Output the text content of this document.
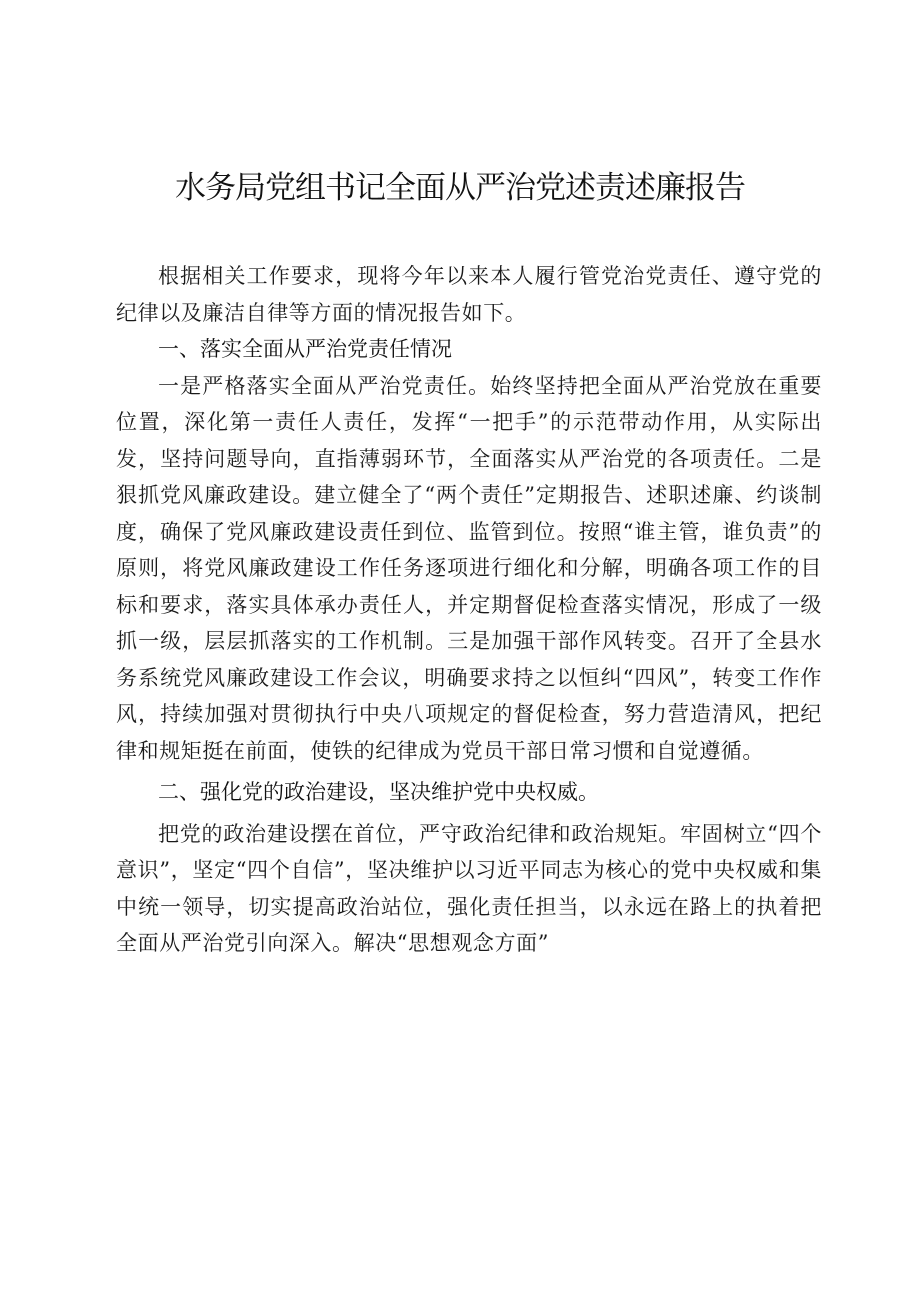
水务局党组书记全面从严治党述责述廉报告

根据相关工作要求，现将今年以来本人履行管党治党责任、遵守党的纪律以及廉洁自律等方面的情况报告如下。

一、落实全面从严治党责任情况

一是严格落实全面从严治党责任。始终坚持把全面从严治党放在重要位置，深化第一责任人责任，发挥“一把手”的示范带动作用，从实际出发，坚持问题导向，直指薄弱环节，全面落实从严治党的各项责任。二是狠抓党风廉政建设。建立健全了“两个责任”定期报告、述职述廉、约谈制度，确保了党风廉政建设责任到位、监管到位。按照“谁主管，谁负责”的原则，将党风廉政建设工作任务逐项进行细化和分解，明确各项工作的目标和要求，落实具体承办责任人，并定期督促检查落实情况，形成了一级抓一级，层层抓落实的工作机制。三是加强干部作风转变。召开了全县水务系统党风廉政建设工作会议，明确要求持之以恒纠“四风”，转变工作作风，持续加强对贯彻执行中央八项规定的督促检查，努力营造清风，把纪律和规矩挺在前面，使铁的纪律成为党员干部日常习惯和自觉遵循。

二、强化党的政治建设，坚决维护党中央权威。

把党的政治建设摆在首位，严守政治纪律和政治规矩。牢固树立“四个意识”，坚定“四个自信”，坚决维护以习近平同志为核心的党中央权威和集中统一领导，切实提高政治站位，强化责任担当，以永远在路上的执着把全面从严治党引向深入。解决“思想观念方面”
